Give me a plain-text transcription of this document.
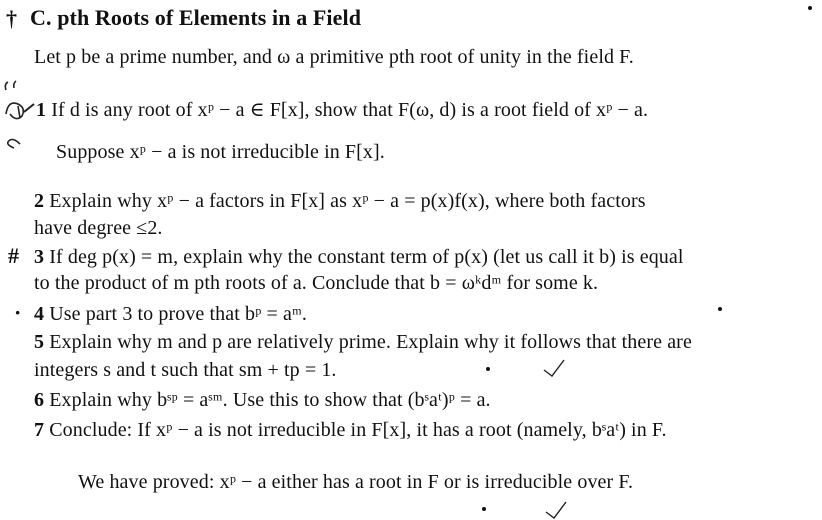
† C. pth Roots of Elements in a Field
Let p be a prime number, and ω a primitive pth root of unity in the field F.
1 If d is any root of xᵖ − a ∈ F[x], show that F(ω, d) is a root field of xᵖ − a.
Suppose xᵖ − a is not irreducible in F[x].
2 Explain why xᵖ − a factors in F[x] as xᵖ − a = p(x)f(x), where both factors
have degree ≤2.
# 3 If deg p(x) = m, explain why the constant term of p(x) (let us call it b) is equal
to the product of m pth roots of a. Conclude that b = ωᵏdᵐ for some k.
· 4 Use part 3 to prove that bᵖ = aᵐ.
5 Explain why m and p are relatively prime. Explain why it follows that there are
integers s and t such that sm + tp = 1.
6 Explain why bˢᵖ = aˢᵐ. Use this to show that (bˢaᵗ)ᵖ = a.
7 Conclude: If xᵖ − a is not irreducible in F[x], it has a root (namely, bˢaᵗ) in F.
We have proved: xᵖ − a either has a root in F or is irreducible over F.
